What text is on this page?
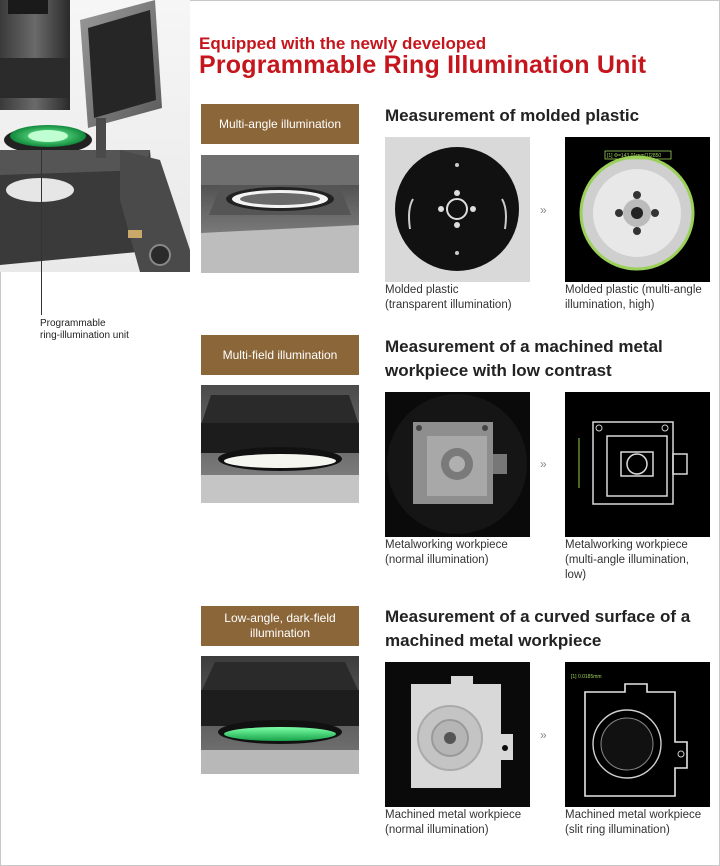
Equipped with the newly developed
Programmable Ring Illumination Unit
Programmable
ring-illumination unit
Multi-angle illumination	Measurement of molded plastic
»
[1] Φ=143.01mm[1]2850
Molded plastic
(transparent illumination)
Molded plastic (multi-angle
illumination, high)
Multi-field illumination	Measurement of a machined metal
workpiece with low contrast
»
Metalworking workpiece
(normal illumination)
Metalworking workpiece
(multi-angle illumination,
low)
Low-angle, dark-field
illumination
Measurement of a curved surface of a
machined metal workpiece
»
[1] 0.0185mm
Machined metal workpiece
(normal illumination)
Machined metal workpiece
(slit ring illumination)
